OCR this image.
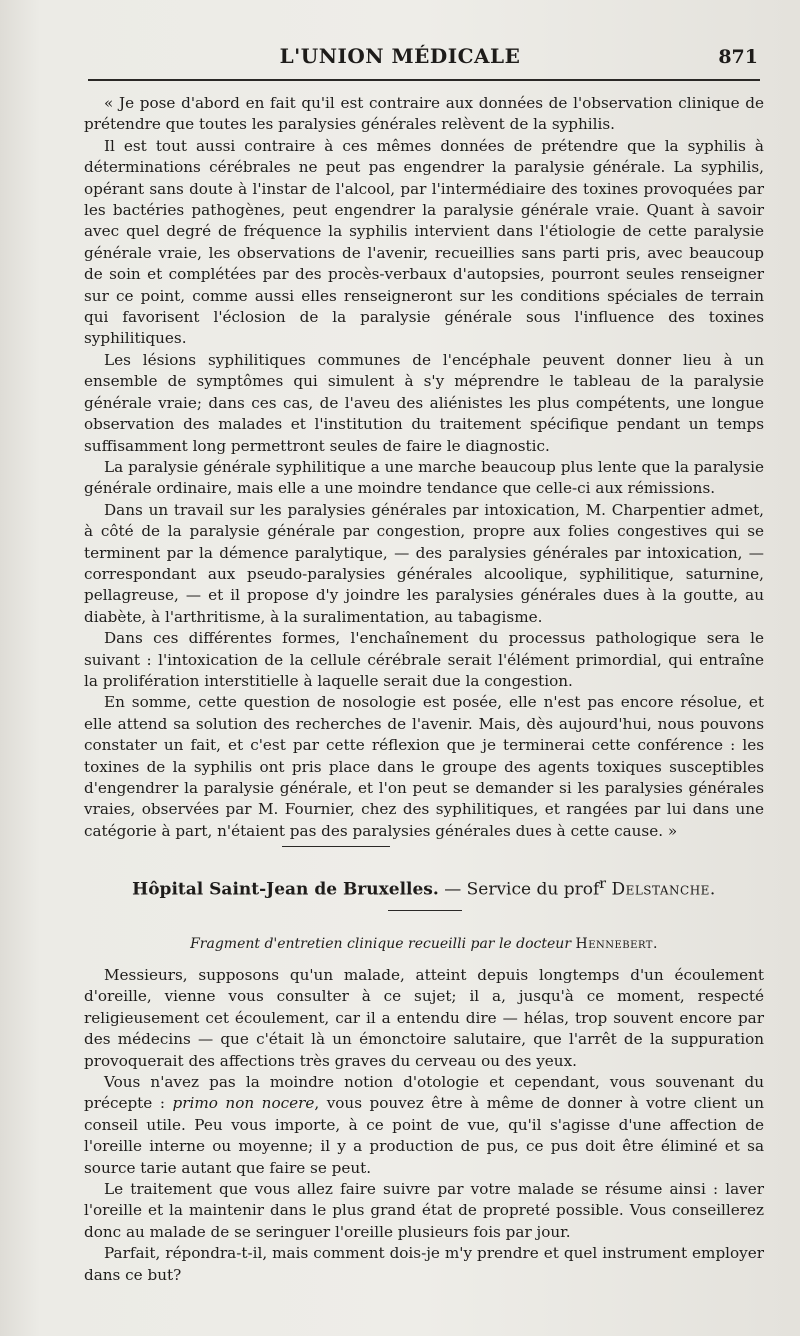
L'UNION MÉDICALE	871

« Je pose d'abord en fait qu'il est contraire aux données de l'observation clinique de prétendre que toutes les paralysies générales relèvent de la syphilis.

Il est tout aussi contraire à ces mêmes données de prétendre que la syphilis à déterminations cérébrales ne peut pas engendrer la paralysie générale. La syphilis, opérant sans doute à l'instar de l'alcool, par l'intermédiaire des toxines provoquées par les bactéries pathogènes, peut engendrer la paralysie générale vraie. Quant à savoir avec quel degré de fréquence la syphilis intervient dans l'étiologie de cette paralysie générale vraie, les observations de l'avenir, recueillies sans parti pris, avec beaucoup de soin et complétées par des procès-verbaux d'autopsies, pourront seules renseigner sur ce point, comme aussi elles renseigneront sur les conditions spéciales de terrain qui favorisent l'éclosion de la paralysie générale sous l'influence des toxines syphilitiques.

Les lésions syphilitiques communes de l'encéphale peuvent donner lieu à un ensemble de symptômes qui simulent à s'y méprendre le tableau de la paralysie générale vraie; dans ces cas, de l'aveu des aliénistes les plus compétents, une longue observation des malades et l'institution du traitement spécifique pendant un temps suffisamment long permettront seules de faire le diagnostic.

La paralysie générale syphilitique a une marche beaucoup plus lente que la paralysie générale ordinaire, mais elle a une moindre tendance que celle-ci aux rémissions.

Dans un travail sur les paralysies générales par intoxication, M. Charpentier admet, à côté de la paralysie générale par congestion, propre aux folies congestives qui se terminent par la démence paralytique, — des paralysies générales par intoxication, — correspondant aux pseudo-paralysies générales alcoolique, syphilitique, saturnine, pellagreuse, — et il propose d'y joindre les paralysies générales dues à la goutte, au diabète, à l'arthritisme, à la suralimentation, au tabagisme.

Dans ces différentes formes, l'enchaînement du processus pathologique sera le suivant : l'intoxication de la cellule cérébrale serait l'élément primordial, qui entraîne la prolifération interstitielle à laquelle serait due la congestion.

En somme, cette question de nosologie est posée, elle n'est pas encore résolue, et elle attend sa solution des recherches de l'avenir. Mais, dès aujourd'hui, nous pouvons constater un fait, et c'est par cette réflexion que je terminerai cette conférence : les toxines de la syphilis ont pris place dans le groupe des agents toxiques susceptibles d'engendrer la paralysie générale, et l'on peut se demander si les paralysies générales vraies, observées par M. Fournier, chez des syphilitiques, et rangées par lui dans une catégorie à part, n'étaient pas des paralysies générales dues à cette cause. »

Hôpital Saint-Jean de Bruxelles. — Service du prof$^r$ Delstanche.
Fragment d'entretien clinique recueilli par le docteur Hennebert.

Messieurs, supposons qu'un malade, atteint depuis longtemps d'un écoulement d'oreille, vienne vous consulter à ce sujet; il a, jusqu'à ce moment, respecté religieusement cet écoulement, car il a entendu dire — hélas, trop souvent encore par des médecins — que c'était là un émonctoire salutaire, que l'arrêt de la suppuration provoquerait des affections très graves du cerveau ou des yeux.

Vous n'avez pas la moindre notion d'otologie et cependant, vous souvenant du précepte : primo non nocere, vous pouvez être à même de donner à votre client un conseil utile. Peu vous importe, à ce point de vue, qu'il s'agisse d'une affection de l'oreille interne ou moyenne; il y a production de pus, ce pus doit être éliminé et sa source tarie autant que faire se peut.

Le traitement que vous allez faire suivre par votre malade se résume ainsi : laver l'oreille et la maintenir dans le plus grand état de propreté possible. Vous conseillerez donc au malade de se seringuer l'oreille plusieurs fois par jour.

Parfait, répondra-t-il, mais comment dois-je m'y prendre et quel instrument employer dans ce but?
